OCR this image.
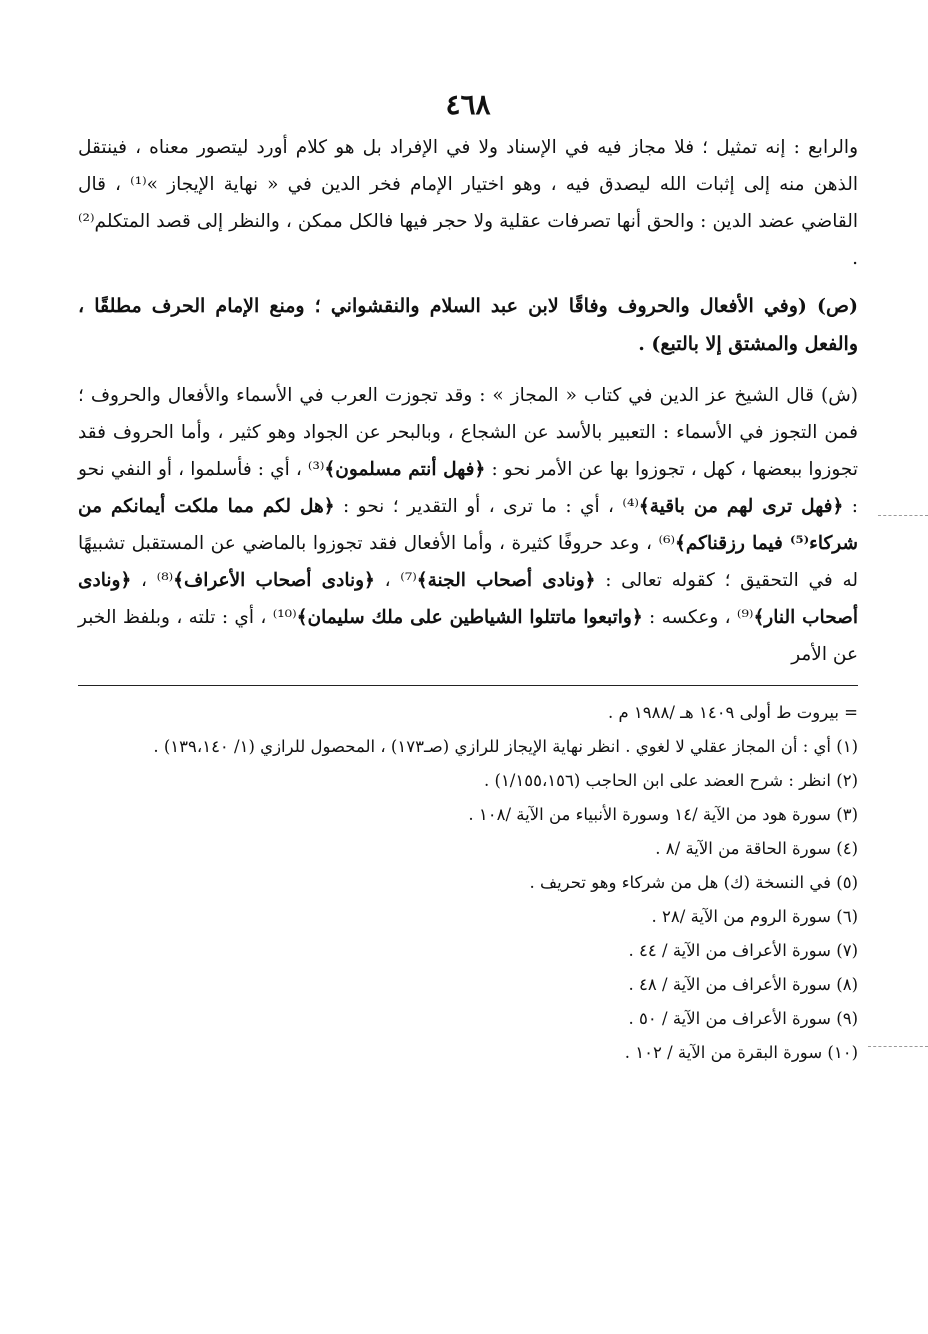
٤٦٨

والرابع : إنه تمثيل ؛ فلا مجاز فيه في الإسناد ولا في الإفراد بل هو كلام أورد ليتصور معناه ، فينتقل الذهن منه إلى إثبات الله ليصدق فيه ، وهو اختيار الإمام فخر الدين في « نهاية الإيجاز »⁽¹⁾ ، قال القاضي عضد الدين : والحق أنها تصرفات عقلية ولا حجر فيها فالكل ممكن ، والنظر إلى قصد المتكلم⁽²⁾ .

(ص) (وفي الأفعال والحروف وفاقًا لابن عبد السلام والنقشواني ؛ ومنع الإمام الحرف مطلقًا ، والفعل والمشتق إلا بالتبع) .

(ش) قال الشيخ عز الدين في كتاب « المجاز » : وقد تجوزت العرب في الأسماء والأفعال والحروف ؛ فمن التجوز في الأسماء : التعبير بالأسد عن الشجاع ، وبالبحر عن الجواد وهو كثير ، وأما الحروف فقد تجوزوا ببعضها ، كهل ، تجوزوا بها عن الأمر نحو : ﴿فهل أنتم مسلمون﴾⁽³⁾ ، أي : فأسلموا ، أو النفي نحو : ﴿فهل ترى لهم من باقية﴾⁽⁴⁾ ، أي : ما ترى ، أو التقدير ؛ نحو : ﴿هل لكم مما ملكت أيمانكم من شركاء⁽⁵⁾ فيما رزقناكم﴾⁽⁶⁾ ، وعد حروفًا كثيرة ، وأما الأفعال فقد تجوزوا بالماضي عن المستقبل تشبيهًا له في التحقيق ؛ كقوله تعالى : ﴿ونادى أصحاب الجنة﴾⁽⁷⁾ ، ﴿ونادى أصحاب الأعراف﴾⁽⁸⁾ ، ﴿ونادى أصحاب النار﴾⁽⁹⁾ ، وعكسه : ﴿واتبعوا ماتتلوا الشياطين على ملك سليمان﴾⁽¹⁰⁾ ، أي : تلته ، وبلفظ الخبر عن الأمر

= بيروت ط أولى ١٤٠٩ هـ /١٩٨٨ م .
(١) أي : أن المجاز عقلي لا لغوي . انظر نهاية الإيجاز للرازي (صـ١٧٣) ، المحصول للرازي (١/ ١٣٩،١٤٠) .
(٢) انظر : شرح العضد على ابن الحاجب (١/١٥٥،١٥٦) .
(٣) سورة هود من الآية /١٤ وسورة الأنبياء من الآية /١٠٨ .
(٤) سورة الحاقة من الآية /٨ .
(٥) في النسخة (ك) هل من شركاء وهو تحريف .
(٦) سورة الروم من الآية /٢٨ .
(٧) سورة الأعراف من الآية / ٤٤ .
(٨) سورة الأعراف من الآية / ٤٨ .
(٩) سورة الأعراف من الآية / ٥٠ .
(١٠) سورة البقرة من الآية / ١٠٢ .
